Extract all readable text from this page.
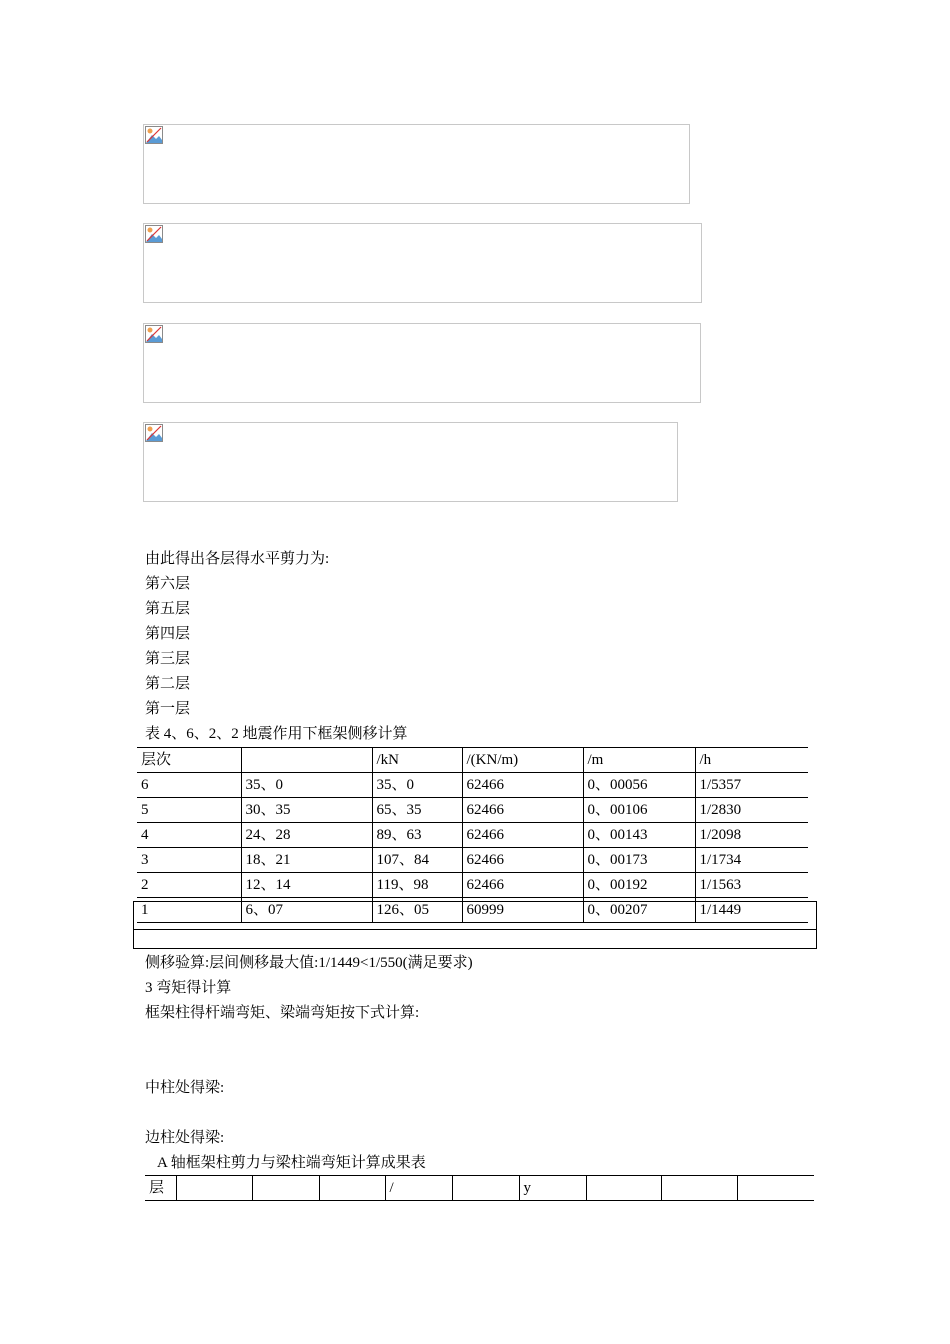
由此得出各层得水平剪力为:
第六层
第五层
第四层
第三层
第二层
第一层
表 4、6、2、2 地震作用下框架侧移计算
层次		/kN	/(KN/m)	/m	/h
6	35、0	35、0	62466	0、00056	1/5357
5	30、35	65、35	62466	0、00106	1/2830
4	24、28	89、63	62466	0、00143	1/2098
3	18、21	107、84	62466	0、00173	1/1734
2	12、14	119、98	62466	0、00192	1/1563
1	6、07	126、05	60999	0、00207	1/1449
侧移验算:层间侧移最大值:1/1449<1/550(满足要求)
3 弯矩得计算
框架柱得杆端弯矩、梁端弯矩按下式计算:
中柱处得梁:
边柱处得梁:
A 轴框架柱剪力与梁柱端弯矩计算成果表
层				/		y			
